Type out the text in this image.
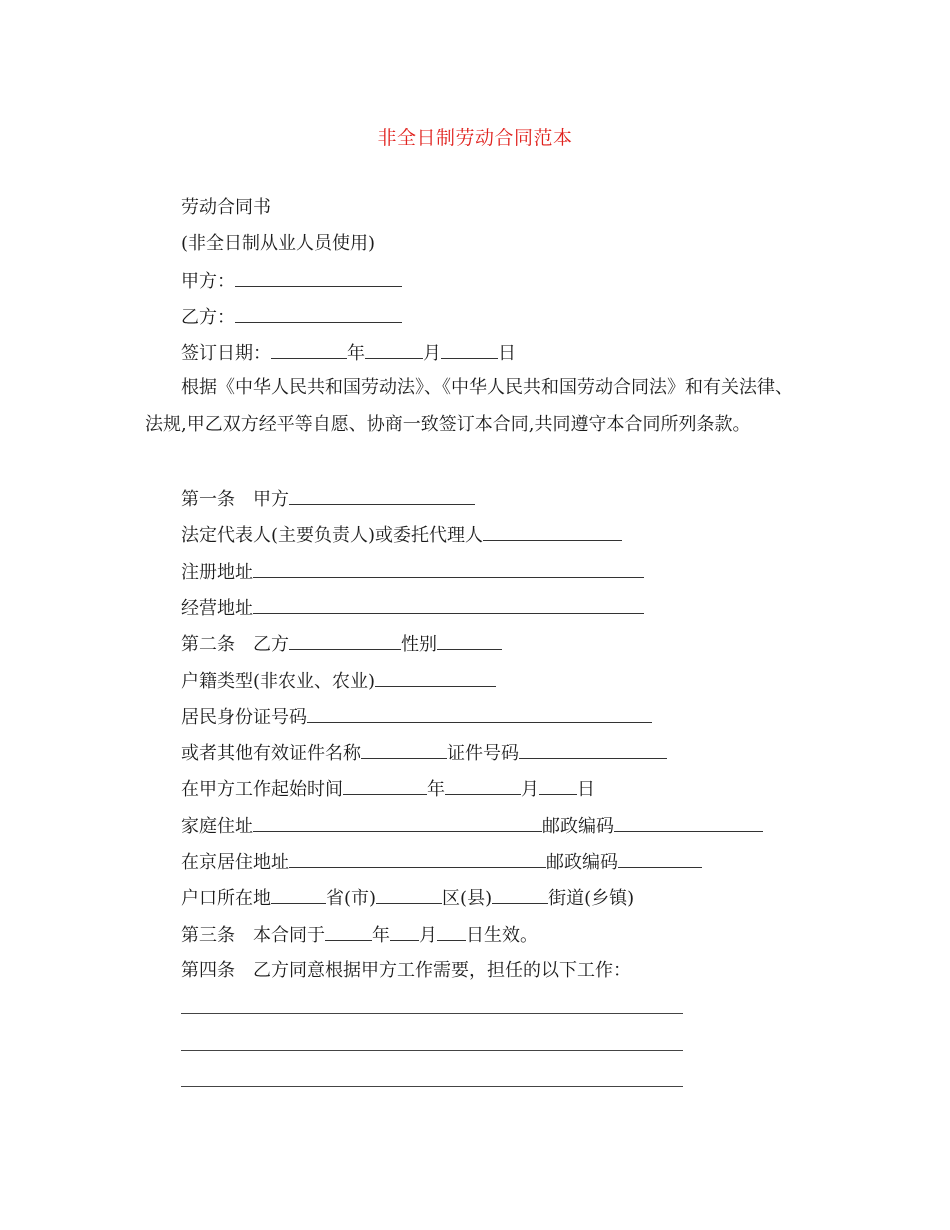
非全日制劳动合同范本
劳动合同书
(非全日制从业人员使用)
甲方：
乙方：
签订日期：	年	月	日
根据《中华人民共和国劳动法》、《中华人民共和国劳动合同法》和有关法律、法规,甲乙双方经平等自愿、协商一致签订本合同,共同遵守本合同所列条款。
第一条　甲方
法定代表人(主要负责人)或委托代理人
注册地址
经营地址
第二条　乙方	性别
户籍类型(非农业、农业)
居民身份证号码
或者其他有效证件名称	证件号码
在甲方工作起始时间	年	月 日
家庭住址	邮政编码
在京居住地址	邮政编码
户口所在地	省(市)	区(县)	街道(乡镇)
第三条　本合同于	年 月 日生效。
第四条　乙方同意根据甲方工作需要，担任的以下工作：
